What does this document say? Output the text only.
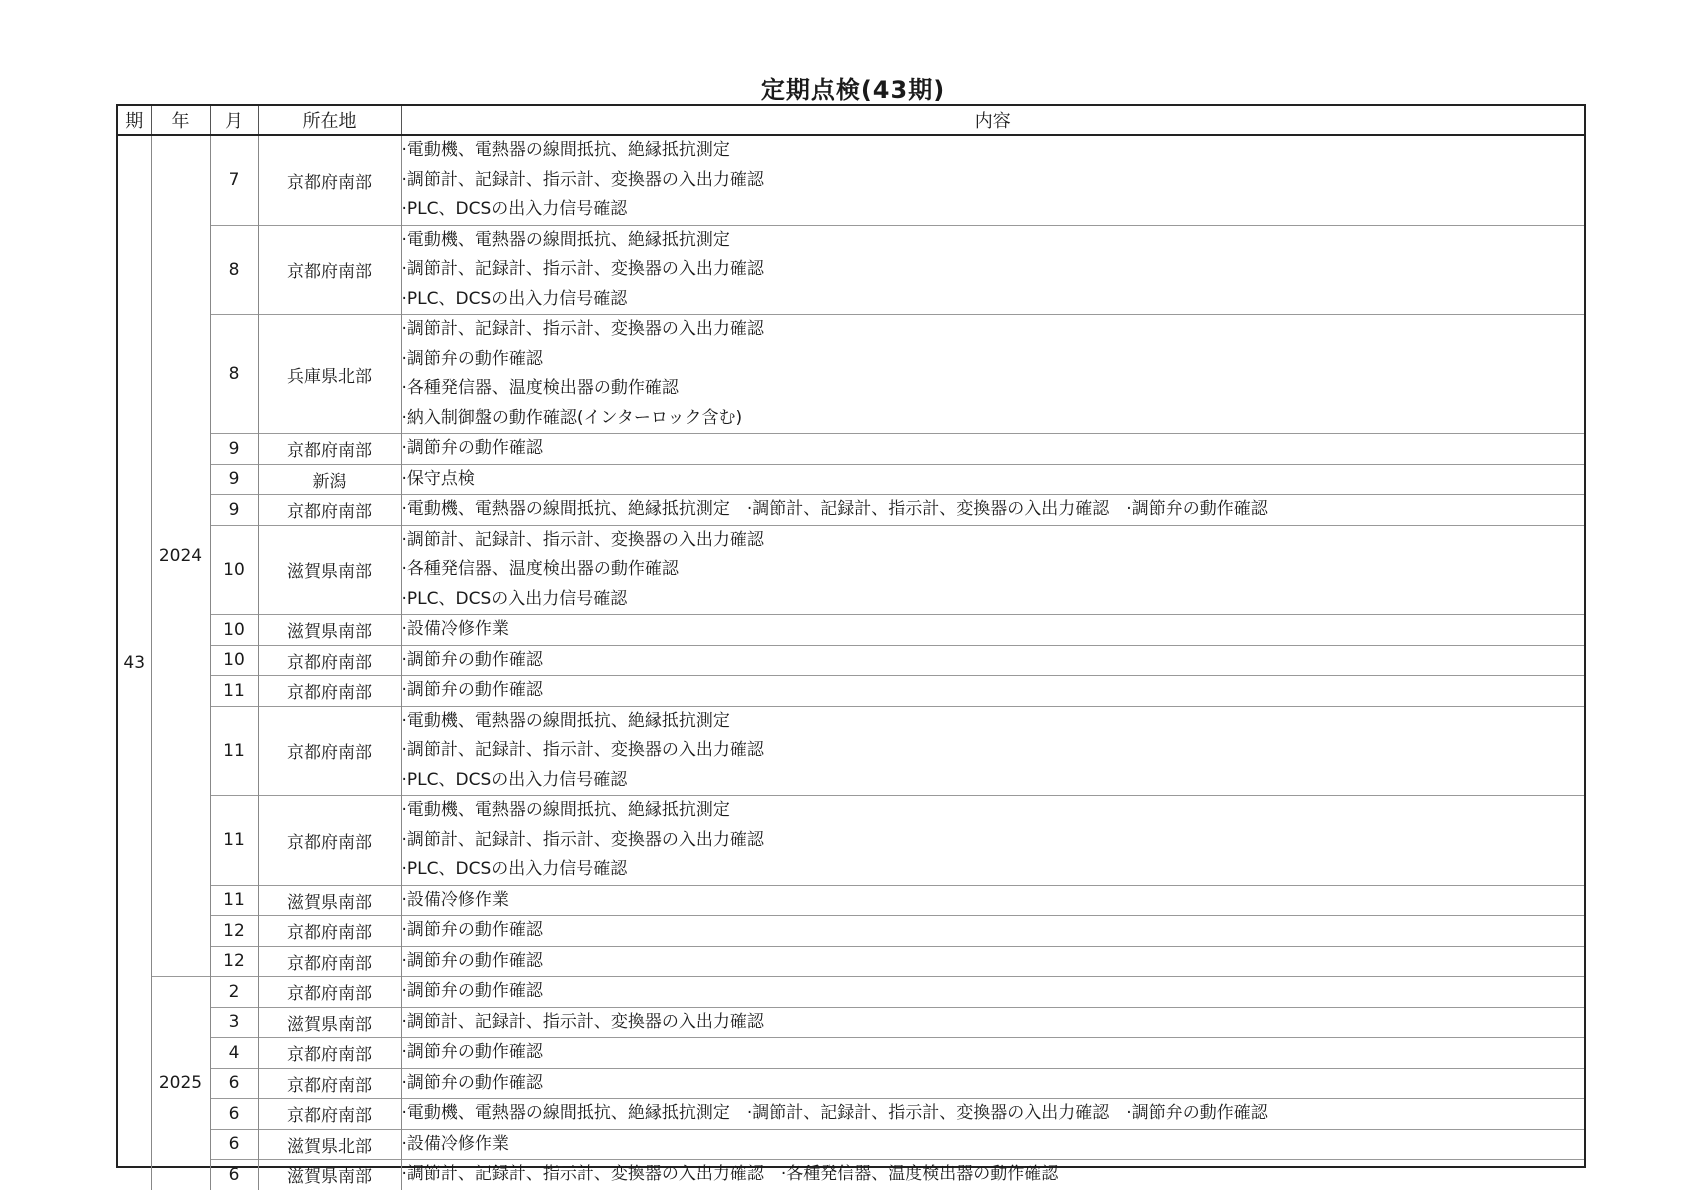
定期点検(43期)
期	年	月	所在地	内容
43	2024	7	京都府南部	·電動機、電熱器の線間抵抗、絶縁抵抗測定
·調節計、記録計、指示計、変換器の入出力確認
·PLC、DCSの出入力信号確認

		8	京都府南部	·電動機、電熱器の線間抵抗、絶縁抵抗測定
·調節計、記録計、指示計、変換器の入出力確認
·PLC、DCSの出入力信号確認

		8	兵庫県北部	·調節計、記録計、指示計、変換器の入出力確認
·調節弁の動作確認
·各種発信器、温度検出器の動作確認
·納入制御盤の動作確認(インターロック含む)

		9	京都府南部	·調節弁の動作確認

		9	新潟	·保守点検

		9	京都府南部	·電動機、電熱器の線間抵抗、絶縁抵抗測定　·調節計、記録計、指示計、変換器の入出力確認　·調節弁の動作確認

		10	滋賀県南部	·調節計、記録計、指示計、変換器の入出力確認
·各種発信器、温度検出器の動作確認
·PLC、DCSの入出力信号確認

		10	滋賀県南部	·設備冷修作業

		10	京都府南部	·調節弁の動作確認

		11	京都府南部	·調節弁の動作確認

		11	京都府南部	·電動機、電熱器の線間抵抗、絶縁抵抗測定
·調節計、記録計、指示計、変換器の入出力確認
·PLC、DCSの出入力信号確認

		11	京都府南部	·電動機、電熱器の線間抵抗、絶縁抵抗測定
·調節計、記録計、指示計、変換器の入出力確認
·PLC、DCSの出入力信号確認

		11	滋賀県南部	·設備冷修作業

		12	京都府南部	·調節弁の動作確認

		12	京都府南部	·調節弁の動作確認

	2025	2	京都府南部	·調節弁の動作確認

		3	滋賀県南部	·調節計、記録計、指示計、変換器の入出力確認

		4	京都府南部	·調節弁の動作確認

		6	京都府南部	·調節弁の動作確認

		6	京都府南部	·電動機、電熱器の線間抵抗、絶縁抵抗測定　·調節計、記録計、指示計、変換器の入出力確認　·調節弁の動作確認

		6	滋賀県北部	·設備冷修作業

		6	滋賀県南部	·調節計、記録計、指示計、変換器の入出力確認　·各種発信器、温度検出器の動作確認
